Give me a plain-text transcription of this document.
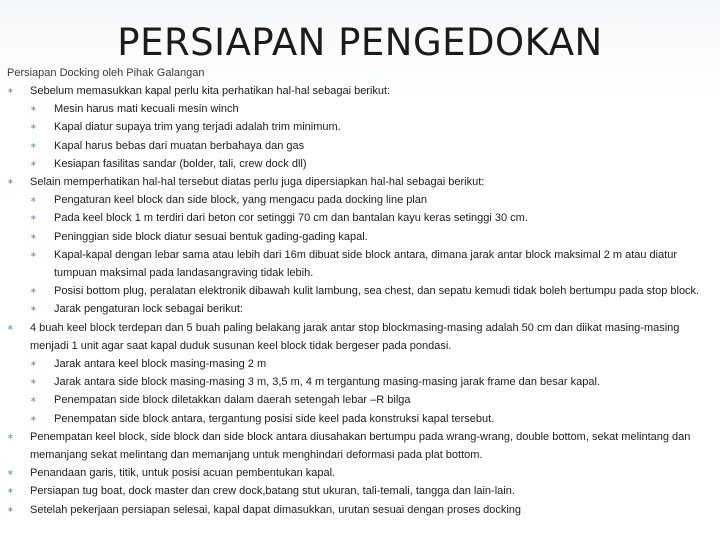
PERSIAPAN PENGEDOKAN
Persiapan Docking oleh Pihak Galangan
∗ Sebelum memasukkan kapal perlu kita perhatikan hal-hal sebagai berikut:
∗ Mesin harus mati kecuali mesin winch
∗ Kapal diatur supaya trim yang terjadi adalah trim minimum.
∗ Kapal harus bebas dari muatan berbahaya dan gas
∗ Kesiapan fasilitas sandar (bolder, tali, crew dock dll)
∗ Selain memperhatikan hal-hal tersebut diatas perlu juga dipersiapkan hal-hal sebagai berikut:
∗ Pengaturan keel block dan side block, yang mengacu pada docking line plan
∗ Pada keel block 1 m terdiri dari beton cor setinggi 70 cm dan bantalan kayu keras setinggi 30 cm.
∗ Peninggian side block diatur sesuai bentuk gading-gading kapal.
∗ Kapal-kapal dengan lebar sama atau lebih dari 16m dibuat side block antara, dimana jarak antar block maksimal 2 m atau diatur tumpuan maksimal pada landasangraving tidak lebih.
∗ Posisi bottom plug, peralatan elektronik dibawah kulit lambung, sea chest, dan sepatu kemudi tidak boleh bertumpu pada stop block.
∗ Jarak pengaturan lock sebagai berikut:
∗ 4 buah keel block terdepan dan 5 buah paling belakang jarak antar stop blockmasing-masing adalah 50 cm dan diikat masing-masing menjadi 1 unit agar saat kapal duduk susunan keel block tidak bergeser pada pondasi.
∗ Jarak antara keel block masing-masing 2 m
∗ Jarak antara side block masing-masing 3 m, 3,5 m, 4 m tergantung masing-masing jarak frame dan besar kapal.
∗ Penempatan side block diletakkan dalam daerah setengah lebar –R bilga
∗ Penempatan side block antara, tergantung posisi side keel pada konstruksi kapal tersebut.
∗ Penempatan keel block, side block dan side block antara diusahakan bertumpu pada wrang-wrang, double bottom, sekat melintang dan memanjang sekat melintang dan memanjang untuk menghindari deformasi pada plat bottom.
∗ Penandaan garis, titik, untuk posisi acuan pembentukan kapal.
∗ Persiapan tug boat, dock master dan crew dock,batang stut ukuran, tali-temali, tangga dan lain-lain.
∗ Setelah pekerjaan persiapan selesai, kapal dapat dimasukkan, urutan sesuai dengan proses docking
